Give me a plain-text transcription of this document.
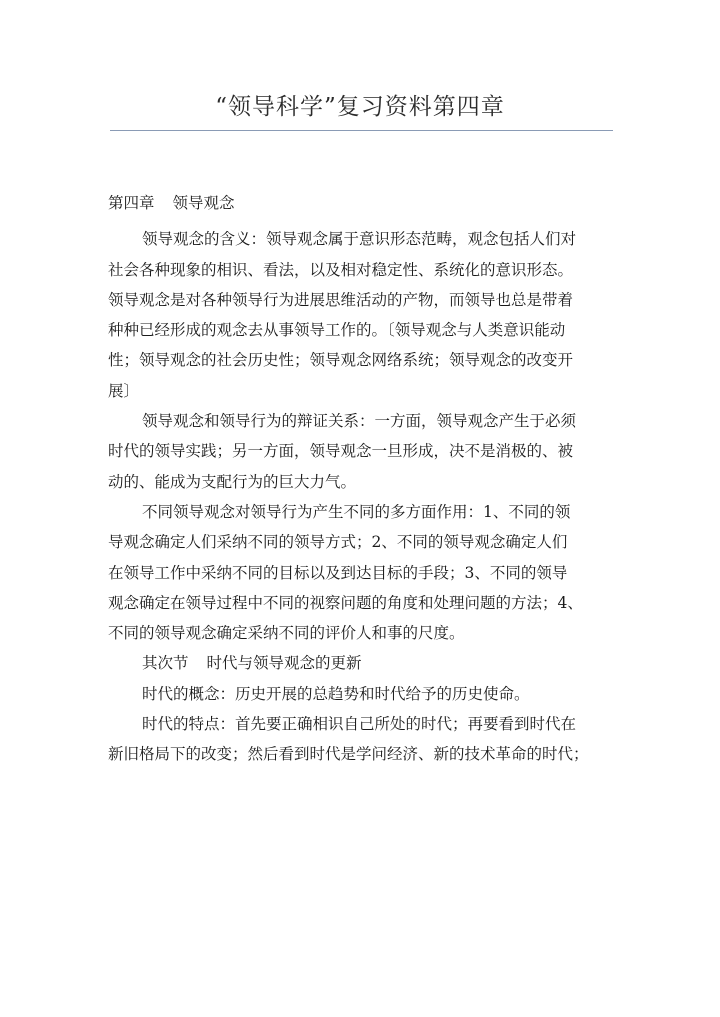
“领导科学”复习资料第四章
第四章 领导观念
领导观念的含义：领导观念属于意识形态范畴，观念包括人们对
社会各种现象的相识、看法，以及相对稳定性、系统化的意识形态。
领导观念是对各种领导行为进展思维活动的产物，而领导也总是带着
种种已经形成的观念去从事领导工作的。〔领导观念与人类意识能动
性；领导观念的社会历史性；领导观念网络系统；领导观念的改变开
展〕
领导观念和领导行为的辩证关系：一方面，领导观念产生于必须
时代的领导实践；另一方面，领导观念一旦形成，决不是消极的、被
动的、能成为支配行为的巨大力气。
不同领导观念对领导行为产生不同的多方面作用：1、不同的领
导观念确定人们采纳不同的领导方式；2、不同的领导观念确定人们
在领导工作中采纳不同的目标以及到达目标的手段；3、不同的领导
观念确定在领导过程中不同的视察问题的角度和处理问题的方法；4、
不同的领导观念确定采纳不同的评价人和事的尺度。
其次节 时代与领导观念的更新
时代的概念：历史开展的总趋势和时代给予的历史使命。
时代的特点：首先要正确相识自己所处的时代；再要看到时代在
新旧格局下的改变；然后看到时代是学问经济、新的技术革命的时代；
